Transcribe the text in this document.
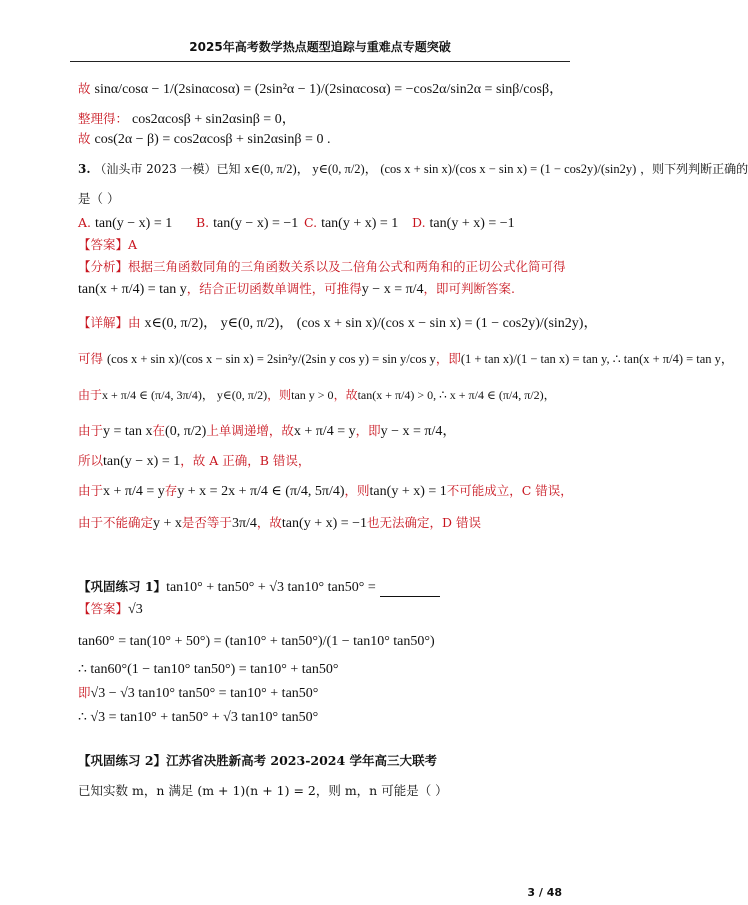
2025年高考数学热点题型追踪与重难点专题突破
故 sinα/cosα − 1/(2sinαcosα) = (2sin²α − 1)/(2sinαcosα) = −cos2α/sin2α = sinβ/cosβ，
整理得： cos2αcosβ + sin2αsinβ = 0，
故 cos(2α − β) = cos2αcosβ + sin2αsinβ = 0 .
3. （汕头市 2023 一模）已知 x∈(0, π/2)， y∈(0, π/2)， (cos x + sin x)/(cos x − sin x) = (1 − cos2y)/(sin2y) ，则下列判断正确的
是（ ）
A. tan(y − x) = 1 B. tan(y − x) = −1 C. tan(y + x) = 1 D. tan(y + x) = −1
【答案】A
【分析】根据三角函数同角的三角函数关系以及二倍角公式和两角和的正切公式化简可得
tan(x + π/4) = tan y，结合正切函数单调性，可推得y − x = π/4，即可判断答案.
【详解】由 x∈(0, π/2)， y∈(0, π/2)， (cos x + sin x)/(cos x − sin x) = (1 − cos2y)/(sin2y)，
可得 (cos x + sin x)/(cos x − sin x) = 2sin²y/(2sin y cos y) = sin y/cos y，即(1 + tan x)/(1 − tan x) = tan y, ∴ tan(x + π/4) = tan y，
由于x + π/4 ∈ (π/4, 3π/4)， y∈(0, π/2)，则tan y > 0，故tan(x + π/4) > 0, ∴ x + π/4 ∈ (π/4, π/2)，
由于y = tan x在(0, π/2)上单调递增，故x + π/4 = y，即y − x = π/4，
所以tan(y − x) = 1，故 A 正确，B 错误，
由于x + π/4 = y存y + x = 2x + π/4 ∈ (π/4, 5π/4)，则tan(y + x) = 1不可能成立，C 错误，
由于不能确定y + x是否等于3π/4，故tan(y + x) = −1也无法确定，D 错误
【巩固练习 1】tan10° + tan50° + √3 tan10° tan50° =
【答案】√3
tan60° = tan(10° + 50°) = (tan10° + tan50°)/(1 − tan10° tan50°)
∴ tan60°(1 − tan10° tan50°) = tan10° + tan50°
即√3 − √3 tan10° tan50° = tan10° + tan50°
∴ √3 = tan10° + tan50° + √3 tan10° tan50°
【巩固练习 2】江苏省决胜新高考 2023-2024 学年高三大联考
已知实数 m，n 满足 (m + 1)(n + 1) = 2，则 m，n 可能是（ ）
3 / 48
